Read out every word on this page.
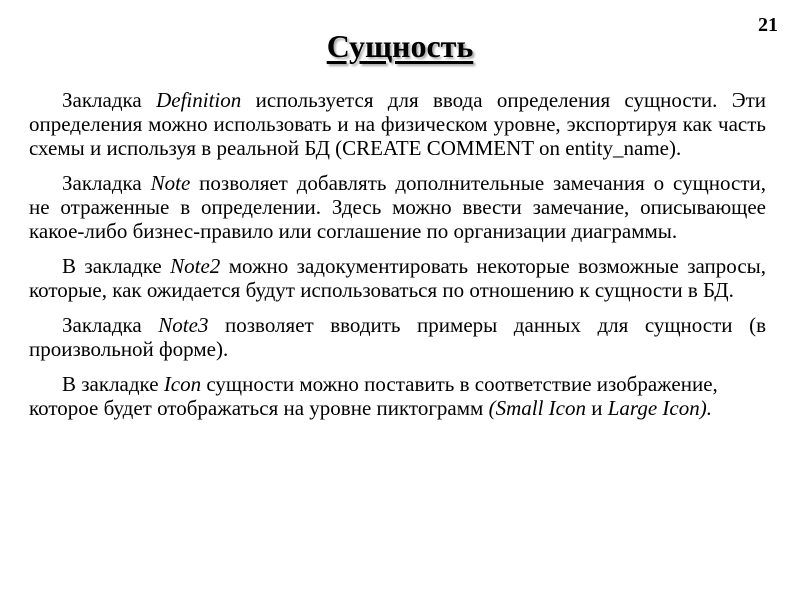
21
Сущность

Закладка Definition используется для ввода определения сущности. Эти определения можно использовать и на физическом уровне, экспортируя как часть схемы и используя в реальной БД (CREATE COMMENT on entity_name).

Закладка Note позволяет добавлять дополнительные замечания о сущности, не отраженные в определении. Здесь можно ввести замечание, описывающее какое-либо бизнес-правило или соглашение по организации диаграммы.

В закладке Note2 можно задокументировать некоторые возможные запросы, которые, как ожидается будут использоваться по отношению к сущности в БД.

Закладка Note3 позволяет вводить примеры данных для сущности (в произвольной форме).

В закладке Icon сущности можно поставить в соответствие изображение, которое будет отображаться на уровне пиктограмм (Small Icon и Large Icon).
